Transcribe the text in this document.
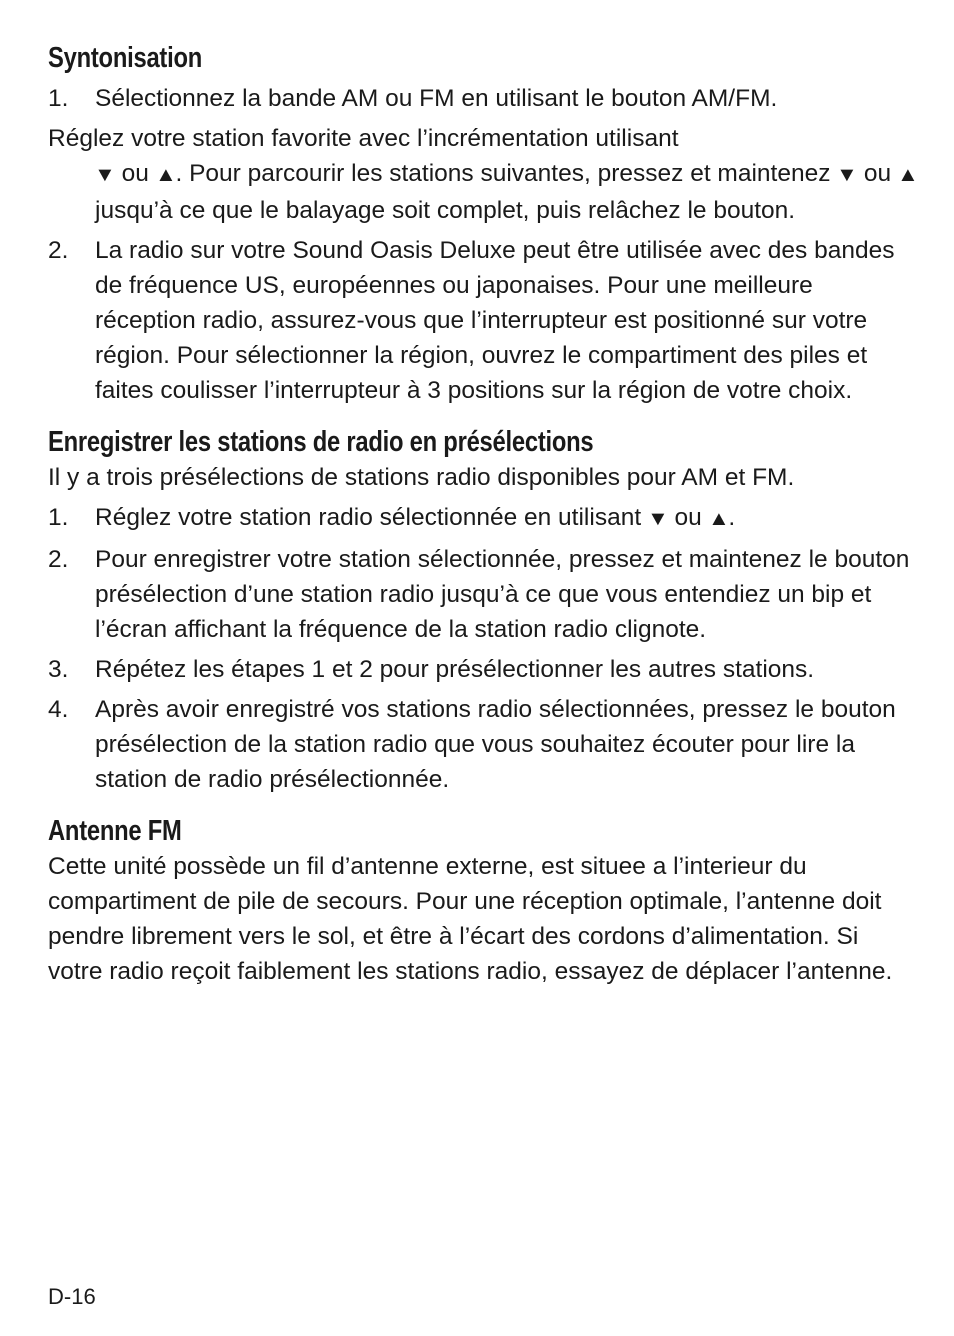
Syntonisation
1. Sélectionnez la bande AM ou FM en utilisant le bouton AM/FM.

Réglez votre station favorite avec l’incrémentation utilisant

▼ ou ▲. Pour parcourir les stations suivantes, pressez et maintenez ▼ ou ▲ jusqu’à ce que le balayage soit complet, puis relâchez le bouton.

2. La radio sur votre Sound Oasis Deluxe peut être utilisée avec des bandes de fréquence US, européennes ou japonaises. Pour une meilleure réception radio, assurez-vous que l’interrupteur est positionné sur votre région. Pour sélectionner la région, ouvrez le compartiment des piles et faites coulisser l’interrupteur à 3 positions sur la région de votre choix.
Enregistrer les stations de radio en présélections

Il y a trois présélections de stations radio disponibles pour AM et FM.

1. Réglez votre station radio sélectionnée en utilisant ▼ ou ▲.
2. Pour enregistrer votre station sélectionnée, pressez et maintenez le bouton présélection d’une station radio jusqu’à ce que vous entendiez un bip et l’écran affichant la fréquence de la station radio clignote.
3. Répétez les étapes 1 et 2 pour présélectionner les autres stations.
4. Après avoir enregistré vos stations radio sélectionnées, pressez le bouton présélection de la station radio que vous souhaitez écouter pour lire la station de radio présélectionnée.
Antenne FM

Cette unité possède un fil d’antenne externe, est situee a l’interieur du compartiment de pile de secours. Pour une réception optimale, l’antenne doit pendre librement vers le sol, et être à l’écart des cordons d’alimentation. Si votre radio reçoit faiblement les stations radio, essayez de déplacer l’antenne.

D-16
